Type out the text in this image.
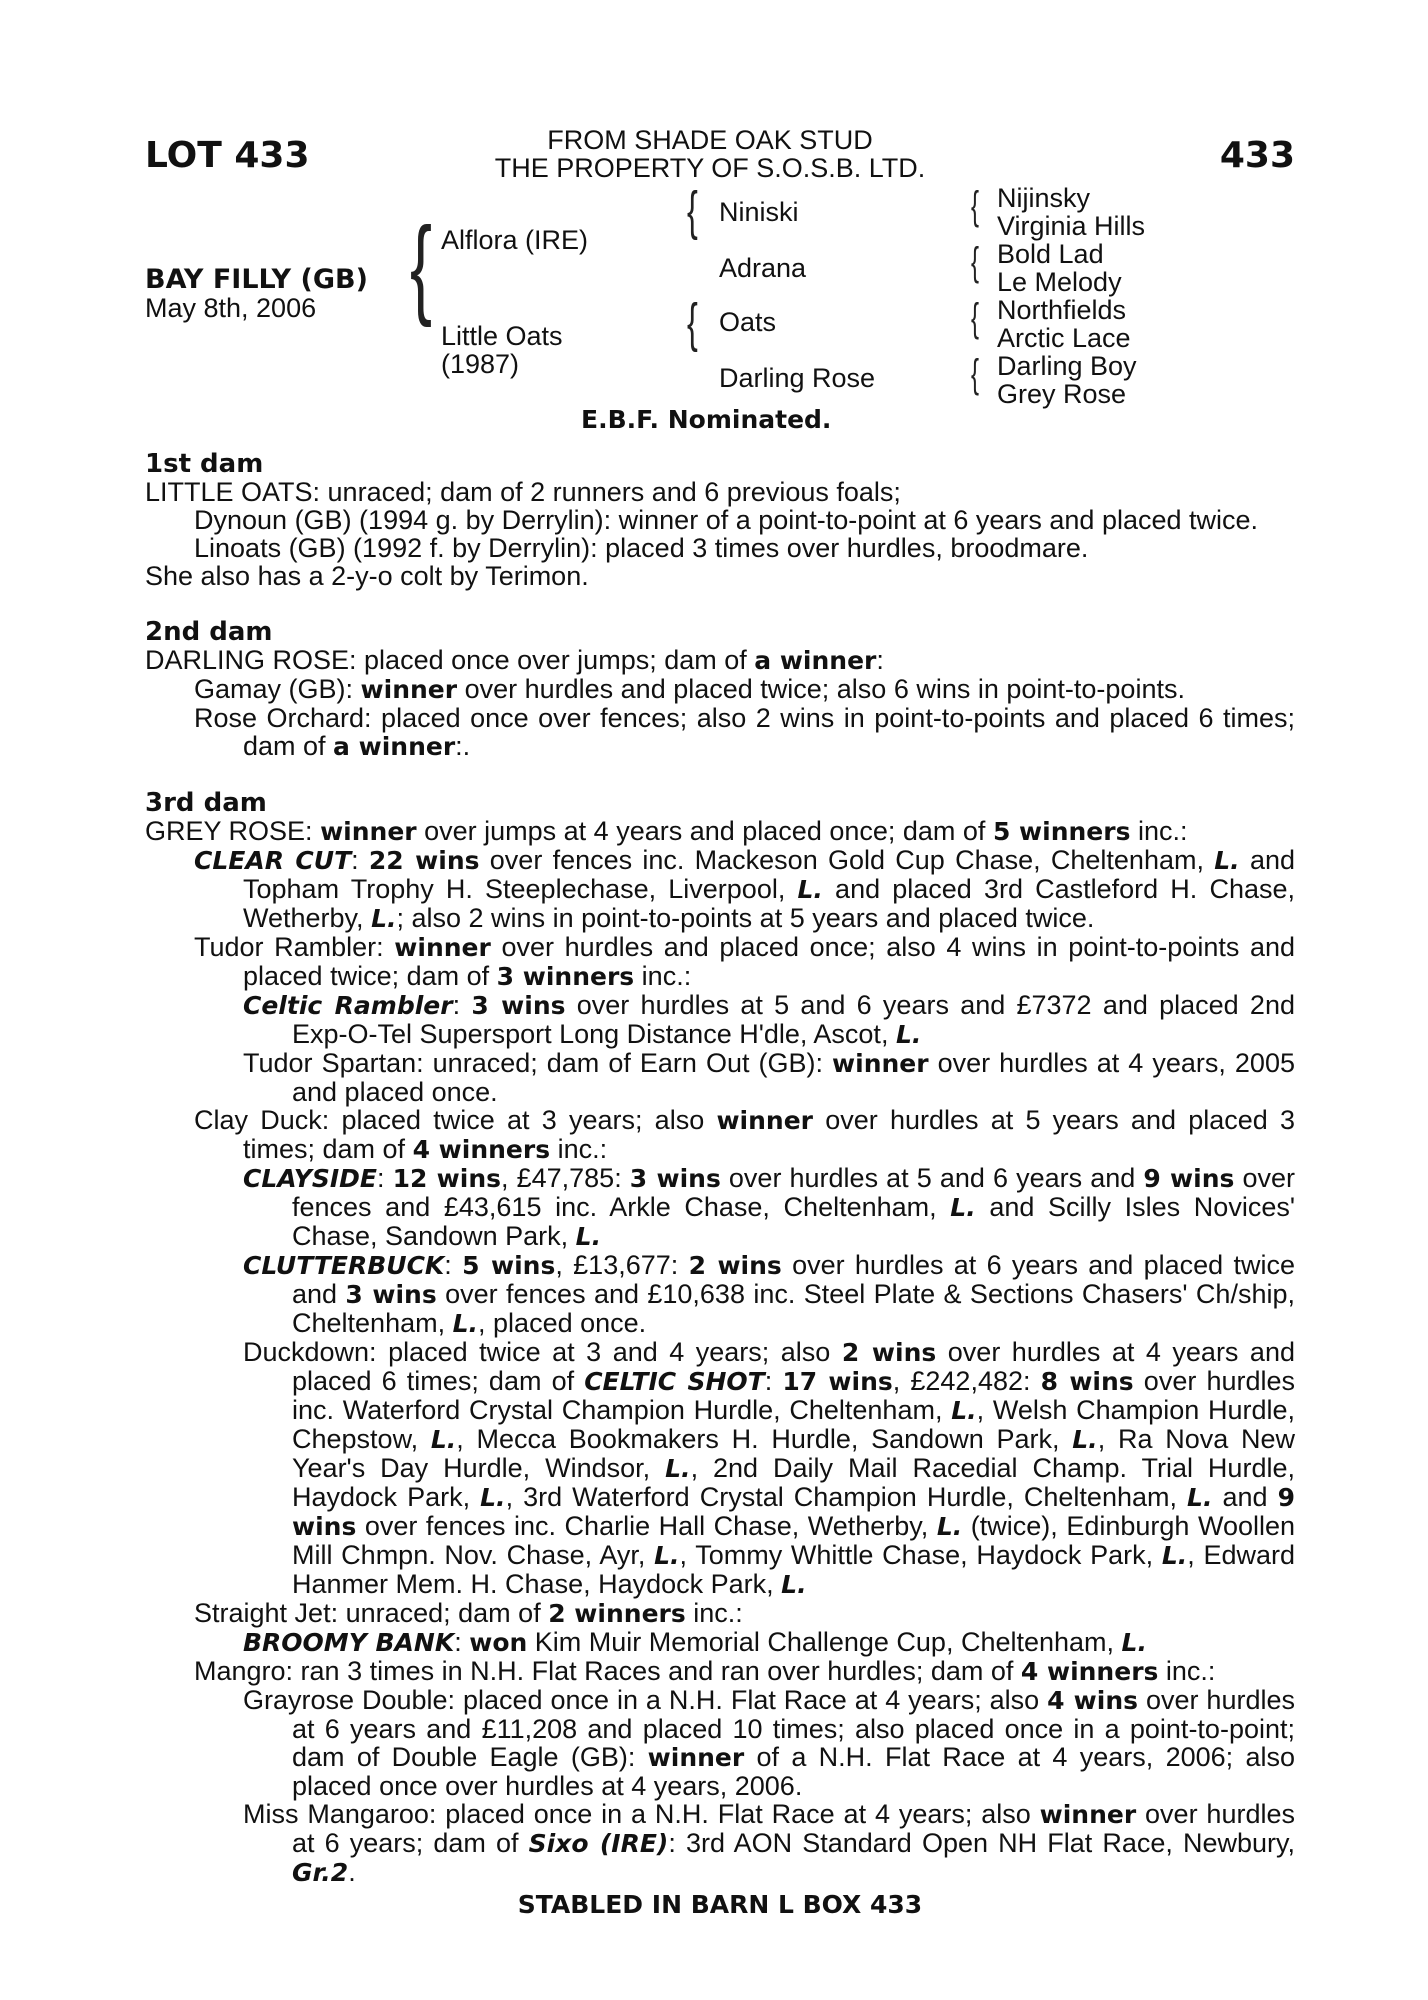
LOT 433	FROM SHADE OAK STUD
THE PROPERTY OF S.O.S.B. LTD.	433
BAY FILLY (GB)
May 8th, 2006 { Alflora (IRE)
Little Oats
(1987)
{ Niniski
Adrana
{ Oats
Darling Rose
{ Nijinsky
Virginia Hills
{ Bold Lad
Le Melody
{ Northfields
Arctic Lace
{ Darling Boy
Grey Rose
E.B.F. Nominated.
1st dam

LITTLE OATS: unraced; dam of 2 runners and 6 previous foals;

Dynoun (GB) (1994 g. by Derrylin): winner of a point-to-point at 6 years and placed twice.

Linoats (GB) (1992 f. by Derrylin): placed 3 times over hurdles, broodmare.

She also has a 2-y-o colt by Terimon.

2nd dam

DARLING ROSE: placed once over jumps; dam of a winner:

Gamay (GB): winner over hurdles and placed twice; also 6 wins in point-to-points.

Rose Orchard: placed once over fences; also 2 wins in point-to-points and placed 6 times; dam of a winner:.

3rd dam

GREY ROSE: winner over jumps at 4 years and placed once; dam of 5 winners inc.:

CLEAR CUT: 22 wins over fences inc. Mackeson Gold Cup Chase, Cheltenham, L. and Topham Trophy H. Steeplechase, Liverpool, L. and placed 3rd Castleford H. Chase, Wetherby, L.; also 2 wins in point-to-points at 5 years and placed twice.

Tudor Rambler: winner over hurdles and placed once; also 4 wins in point-to-points and placed twice; dam of 3 winners inc.:

Celtic Rambler: 3 wins over hurdles at 5 and 6 years and £7372 and placed 2nd Exp-O-Tel Supersport Long Distance H'dle, Ascot, L.

Tudor Spartan: unraced; dam of Earn Out (GB): winner over hurdles at 4 years, 2005 and placed once.

Clay Duck: placed twice at 3 years; also winner over hurdles at 5 years and placed 3 times; dam of 4 winners inc.:

CLAYSIDE: 12 wins, £47,785: 3 wins over hurdles at 5 and 6 years and 9 wins over fences and £43,615 inc. Arkle Chase, Cheltenham, L. and Scilly Isles Novices' Chase, Sandown Park, L.

CLUTTERBUCK: 5 wins, £13,677: 2 wins over hurdles at 6 years and placed twice and 3 wins over fences and £10,638 inc. Steel Plate & Sections Chasers' Ch/ship, Cheltenham, L., placed once.

Duckdown: placed twice at 3 and 4 years; also 2 wins over hurdles at 4 years and placed 6 times; dam of CELTIC SHOT: 17 wins, £242,482: 8 wins over hurdles inc. Waterford Crystal Champion Hurdle, Cheltenham, L., Welsh Champion Hurdle, Chepstow, L., Mecca Bookmakers H. Hurdle, Sandown Park, L., Ra Nova New Year's Day Hurdle, Windsor, L., 2nd Daily Mail Racedial Champ. Trial Hurdle, Haydock Park, L., 3rd Waterford Crystal Champion Hurdle, Cheltenham, L. and 9 wins over fences inc. Charlie Hall Chase, Wetherby, L. (twice), Edinburgh Woollen Mill Chmpn. Nov. Chase, Ayr, L., Tommy Whittle Chase, Haydock Park, L., Edward Hanmer Mem. H. Chase, Haydock Park, L.

Straight Jet: unraced; dam of 2 winners inc.:

BROOMY BANK: won Kim Muir Memorial Challenge Cup, Cheltenham, L.

Mangro: ran 3 times in N.H. Flat Races and ran over hurdles; dam of 4 winners inc.:

Grayrose Double: placed once in a N.H. Flat Race at 4 years; also 4 wins over hurdles at 6 years and £11,208 and placed 10 times; also placed once in a point-to-point; dam of Double Eagle (GB): winner of a N.H. Flat Race at 4 years, 2006; also placed once over hurdles at 4 years, 2006.

Miss Mangaroo: placed once in a N.H. Flat Race at 4 years; also winner over hurdles at 6 years; dam of Sixo (IRE): 3rd AON Standard Open NH Flat Race, Newbury, Gr.2.

STABLED IN BARN L BOX 433
